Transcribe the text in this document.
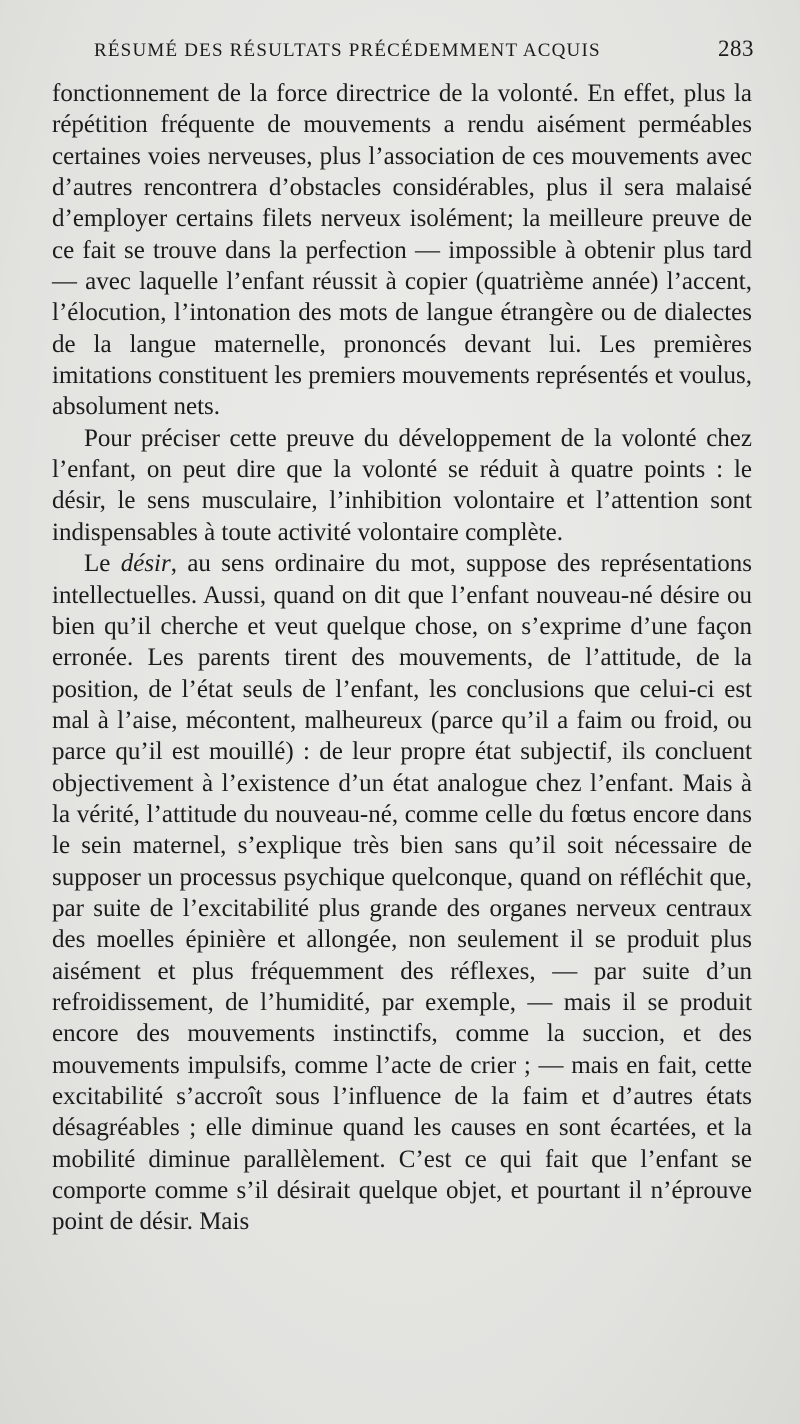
RÉSUMÉ DES RÉSULTATS PRÉCÉDEMMENT ACQUIS	283

fonctionnement de la force directrice de la volonté. En effet, plus la répétition fréquente de mouvements a rendu aisément perméables certaines voies nerveuses, plus l’association de ces mouvements avec d’autres rencontrera d’obstacles considérables, plus il sera malaisé d’employer certains filets nerveux isolément; la meilleure preuve de ce fait se trouve dans la perfection — impossible à obtenir plus tard — avec laquelle l’enfant réussit à copier (quatrième année) l’accent, l’élocution, l’intonation des mots de langue étrangère ou de dialectes de la langue maternelle, prononcés devant lui. Les premières imitations constituent les premiers mouvements représentés et voulus, absolument nets.

Pour préciser cette preuve du développement de la volonté chez l’enfant, on peut dire que la volonté se réduit à quatre points : le désir, le sens musculaire, l’inhibition volontaire et l’attention sont indispensables à toute activité volontaire complète.

Le désir, au sens ordinaire du mot, suppose des représentations intellectuelles. Aussi, quand on dit que l’enfant nouveau-né désire ou bien qu’il cherche et veut quelque chose, on s’exprime d’une façon erronée. Les parents tirent des mouvements, de l’attitude, de la position, de l’état seuls de l’enfant, les conclusions que celui-ci est mal à l’aise, mécontent, malheureux (parce qu’il a faim ou froid, ou parce qu’il est mouillé) : de leur propre état subjectif, ils concluent objectivement à l’existence d’un état analogue chez l’enfant. Mais à la vérité, l’attitude du nouveau-né, comme celle du fœtus encore dans le sein maternel, s’explique très bien sans qu’il soit nécessaire de supposer un processus psychique quelconque, quand on réfléchit que, par suite de l’excitabilité plus grande des organes nerveux centraux des moelles épinière et allongée, non seulement il se produit plus aisément et plus fréquemment des réflexes, — par suite d’un refroidissement, de l’humidité, par exemple, — mais il se produit encore des mouvements instinctifs, comme la succion, et des mouvements impulsifs, comme l’acte de crier ; — mais en fait, cette excitabilité s’accroît sous l’influence de la faim et d’autres états désagréables ; elle diminue quand les causes en sont écartées, et la mobilité diminue parallèlement. C’est ce qui fait que l’enfant se comporte comme s’il désirait quelque objet, et pourtant il n’éprouve point de désir. Mais
